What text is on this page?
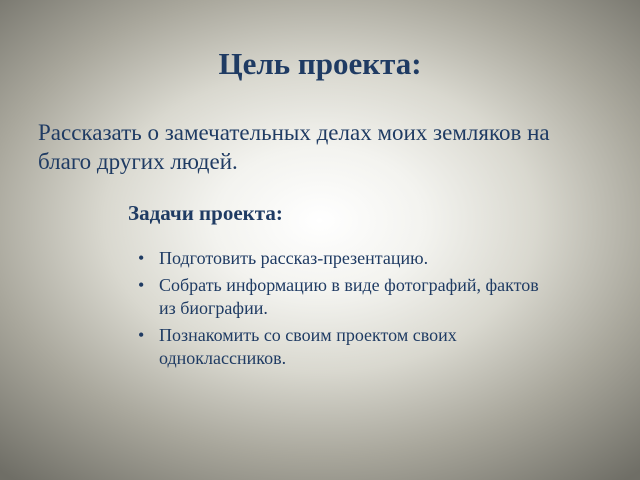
Цель проекта:

Рассказать о замечательных делах моих земляков на благо других людей.

Задачи проекта:
• Подготовить рассказ-презентацию.
• Собрать информацию в виде фотографий, фактов из биографии.
• Познакомить со своим проектом своих одноклассников.
